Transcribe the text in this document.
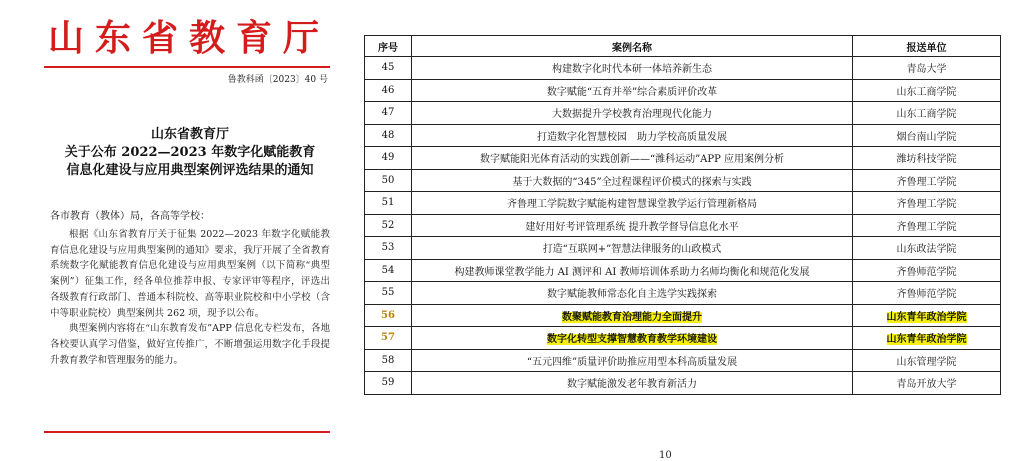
山东省教育厅
鲁教科函〔2023〕40 号
山东省教育厅
关于公布 2022—2023 年数字化赋能教育
信息化建设与应用典型案例评选结果的通知
各市教育（教体）局，各高等学校：

根据《山东省教育厅关于征集 2022—2023 年数字化赋能教育信息化建设与应用典型案例的通知》要求，我厅开展了全省教育系统数字化赋能教育信息化建设与应用典型案例（以下简称“典型案例”）征集工作，经各单位推荐申报、专家评审等程序，评选出各级教育行政部门、普通本科院校、高等职业院校和中小学校（含中等职业院校）典型案例共 262 项，现予以公布。

典型案例内容将在“山东教育发布”APP 信息化专栏发布，各地各校要认真学习借鉴，做好宣传推广，不断增强运用数字化手段提升教育教学和管理服务的能力。

序号	案例名称	报送单位
45	构建数字化时代本研一体培养新生态	青岛大学
46	数字赋能“五育并举”综合素质评价改革	山东工商学院
47	大数据提升学校教育治理现代化能力	山东工商学院
48	打造数字化智慧校园　助力学校高质量发展	烟台南山学院
49	数字赋能阳光体育活动的实践创新——“潍科运动”APP 应用案例分析	潍坊科技学院
50	基于大数据的“345”全过程课程评价模式的探索与实践	齐鲁理工学院
51	齐鲁理工学院数字赋能构建智慧课堂教学运行管理新格局	齐鲁理工学院
52	建好用好考评管理系统 提升教学督导信息化水平	齐鲁理工学院
53	打造“互联网+”智慧法律服务的山政模式	山东政法学院
54	构建教师课堂教学能力 AI 测评和 AI 教师培训体系助力名师均衡化和规范化发展	齐鲁师范学院
55	数字赋能教师常态化自主选学实践探索	齐鲁师范学院
56	数聚赋能教育治理能力全面提升	山东青年政治学院
57	数字化转型支撑智慧教育教学环境建设	山东青年政治学院
58	“五元四维”质量评价助推应用型本科高质量发展	山东管理学院
59	数字赋能激发老年教育新活力	青岛开放大学
10
